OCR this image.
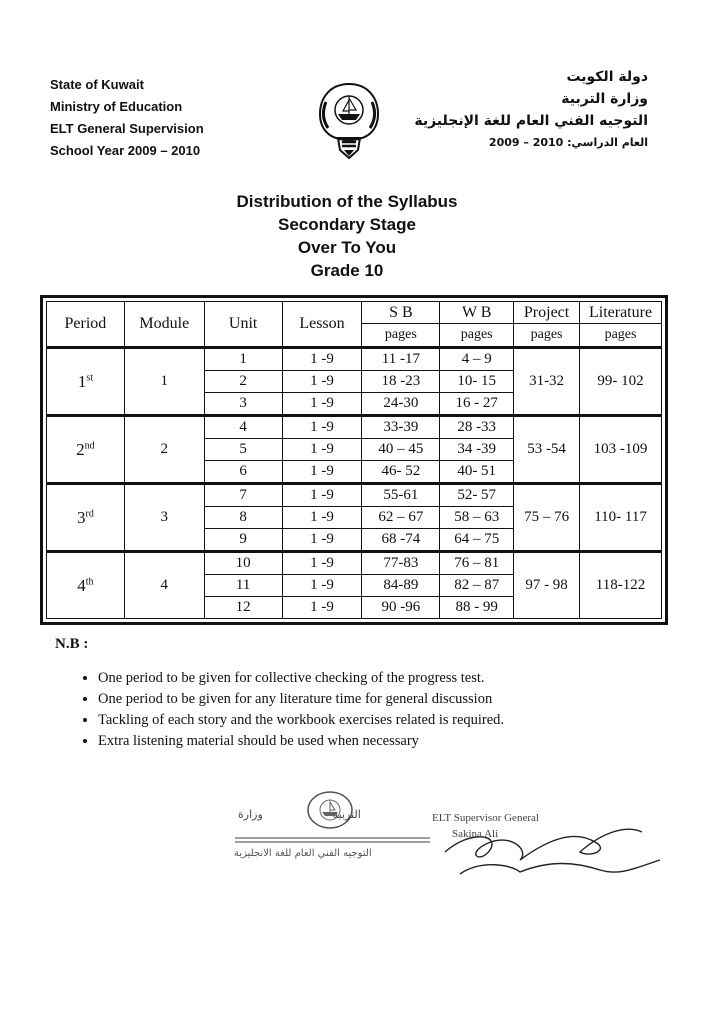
State of Kuwait
Ministry of Education
ELT General Supervision
School Year 2009 – 2010
دولة الكويت
وزارة التربية
التوجيه الفني العام للغة الإنجليزية
العام الدراسي: 2009 – 2010
Distribution of the Syllabus
Secondary Stage
Over To You
Grade 10
Period	Module	Unit	Lesson	S B	W B	Project	Literature
				pages	pages	pages	pages
1st	1	1	1 -9	11 -17	4 – 9	31-32	99- 102
		2	1 -9	18 -23	10- 15		
		3	1 -9	24-30	16 - 27		
2nd	2	4	1 -9	33-39	28 -33	53 -54	103 -109
		5	1 -9	40 – 45	34 -39		
		6	1 -9	46- 52	40- 51		
3rd	3	7	1 -9	55-61	52- 57	75 – 76	110- 117
		8	1 -9	62 – 67	58 – 63		
		9	1 -9	68 -74	64 – 75		
4th	4	10	1 -9	77-83	76 – 81	97 - 98	118-122
		11	1 -9	84-89	82 – 87		
		12	1 -9	90 -96	88 - 99		
N.B :
• One period to be given for collective checking of the progress test.
• One period to be given for any literature time for general discussion
• Tackling of each story and the workbook exercises related is required.
• Extra listening material should be used when necessary
التربية                    وزارة
التوجيه الفني العام للغة الانجليزية
ELT Supervisor General
Sakina Ali
